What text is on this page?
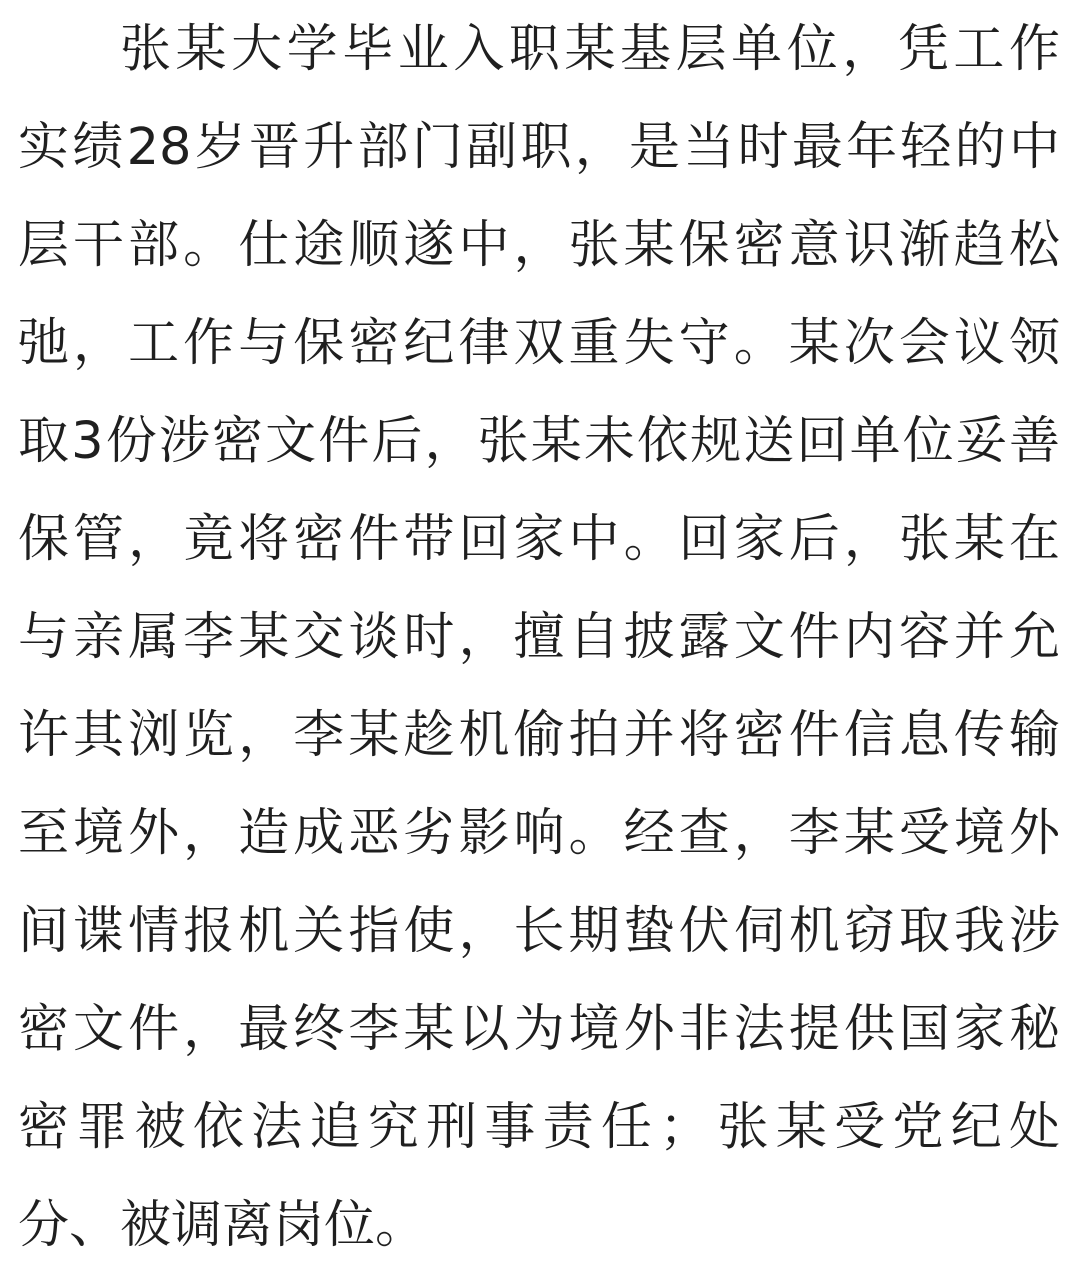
张某大学毕业入职某基层单位，凭工作
实绩28岁晋升部门副职，是当时最年轻的中
层干部。仕途顺遂中，张某保密意识渐趋松
弛，工作与保密纪律双重失守。某次会议领
取3份涉密文件后，张某未依规送回单位妥善
保管，竟将密件带回家中。回家后，张某在
与亲属李某交谈时，擅自披露文件内容并允
许其浏览，李某趁机偷拍并将密件信息传输
至境外，造成恶劣影响。经查，李某受境外
间谍情报机关指使，长期蛰伏伺机窃取我涉
密文件，最终李某以为境外非法提供国家秘
密罪被依法追究刑事责任；张某受党纪处
分、被调离岗位。
